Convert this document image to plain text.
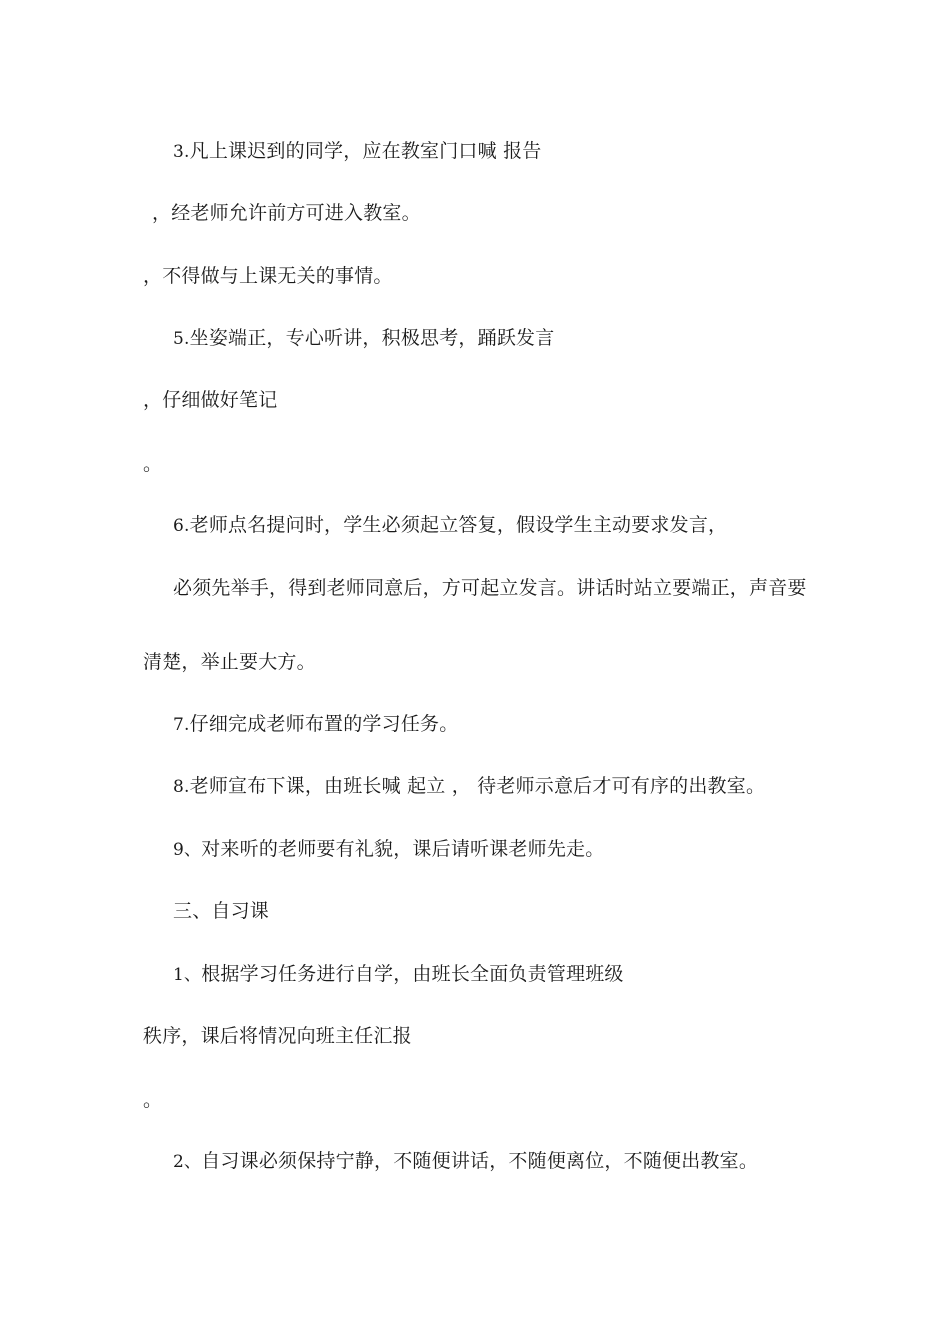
3.凡上课迟到的同学，应在教室门口喊 报告
，经老师允许前方可进入教室。
，不得做与上课无关的事情。
5.坐姿端正，专心听讲，积极思考，踊跃发言
，仔细做好笔记
。
6.老师点名提问时，学生必须起立答复，假设学生主动要求发言，
必须先举手，得到老师同意后，方可起立发言。讲话时站立要端正，声音要
清楚，举止要大方。
7.仔细完成老师布置的学习任务。
8.老师宣布下课，由班长喊 起立 ， 待老师示意后才可有序的出教室。
9、对来听的老师要有礼貌，课后请听课老师先走。
三、自习课
1、根据学习任务进行自学，由班长全面负责管理班级
秩序，课后将情况向班主任汇报
。
2、自习课必须保持宁静，不随便讲话，不随便离位，不随便出教室。
